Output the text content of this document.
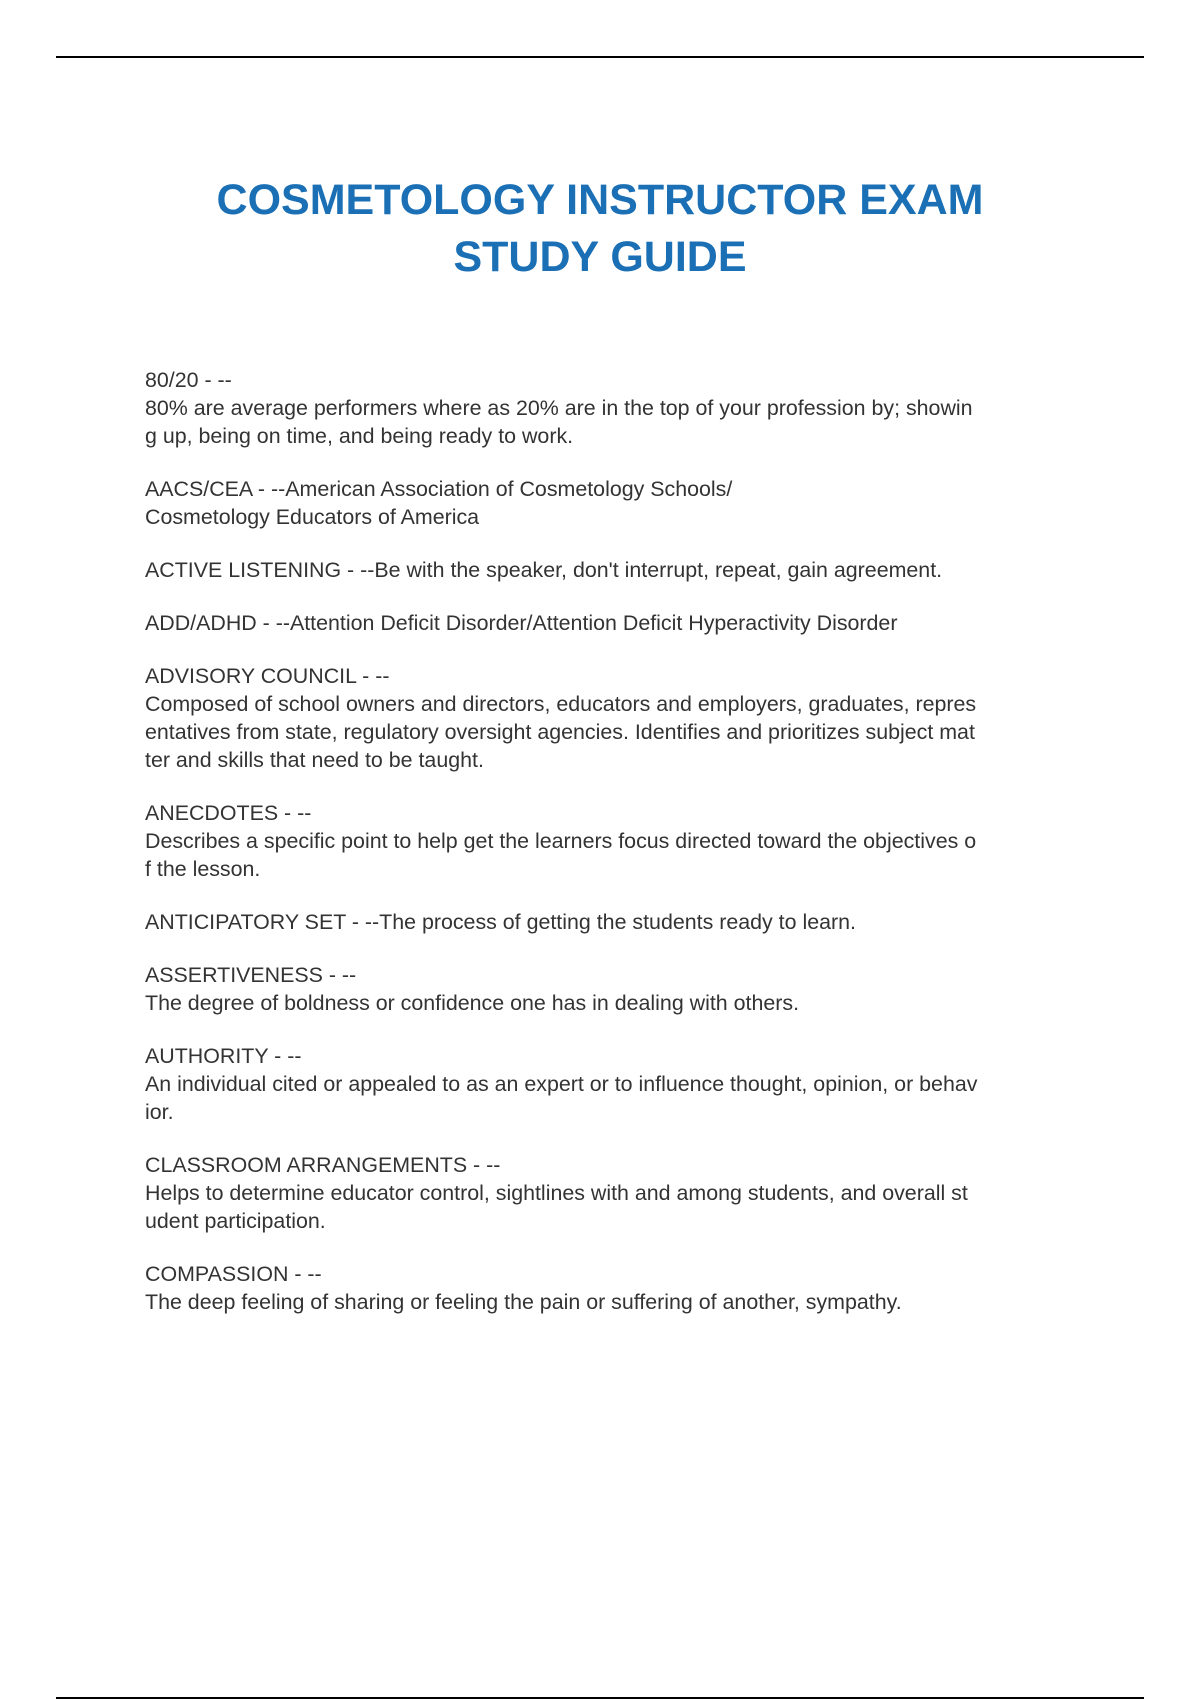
COSMETOLOGY INSTRUCTOR EXAM
STUDY GUIDE
80/20 - --
80% are average performers where as 20% are in the top of your profession by; showin
g up, being on time, and being ready to work.
AACS/CEA - --American Association of Cosmetology Schools/
Cosmetology Educators of America
ACTIVE LISTENING - --Be with the speaker, don't interrupt, repeat, gain agreement.
ADD/ADHD - --Attention Deficit Disorder/Attention Deficit Hyperactivity Disorder
ADVISORY COUNCIL - --
Composed of school owners and directors, educators and employers, graduates, repres
entatives from state, regulatory oversight agencies. Identifies and prioritizes subject mat
ter and skills that need to be taught.
ANECDOTES - --
Describes a specific point to help get the learners focus directed toward the objectives o
f the lesson.
ANTICIPATORY SET - --The process of getting the students ready to learn.
ASSERTIVENESS - --
The degree of boldness or confidence one has in dealing with others.
AUTHORITY - --
An individual cited or appealed to as an expert or to influence thought, opinion, or behav
ior.
CLASSROOM ARRANGEMENTS - --
Helps to determine educator control, sightlines with and among students, and overall st
udent participation.
COMPASSION - --
The deep feeling of sharing or feeling the pain or suffering of another, sympathy.
